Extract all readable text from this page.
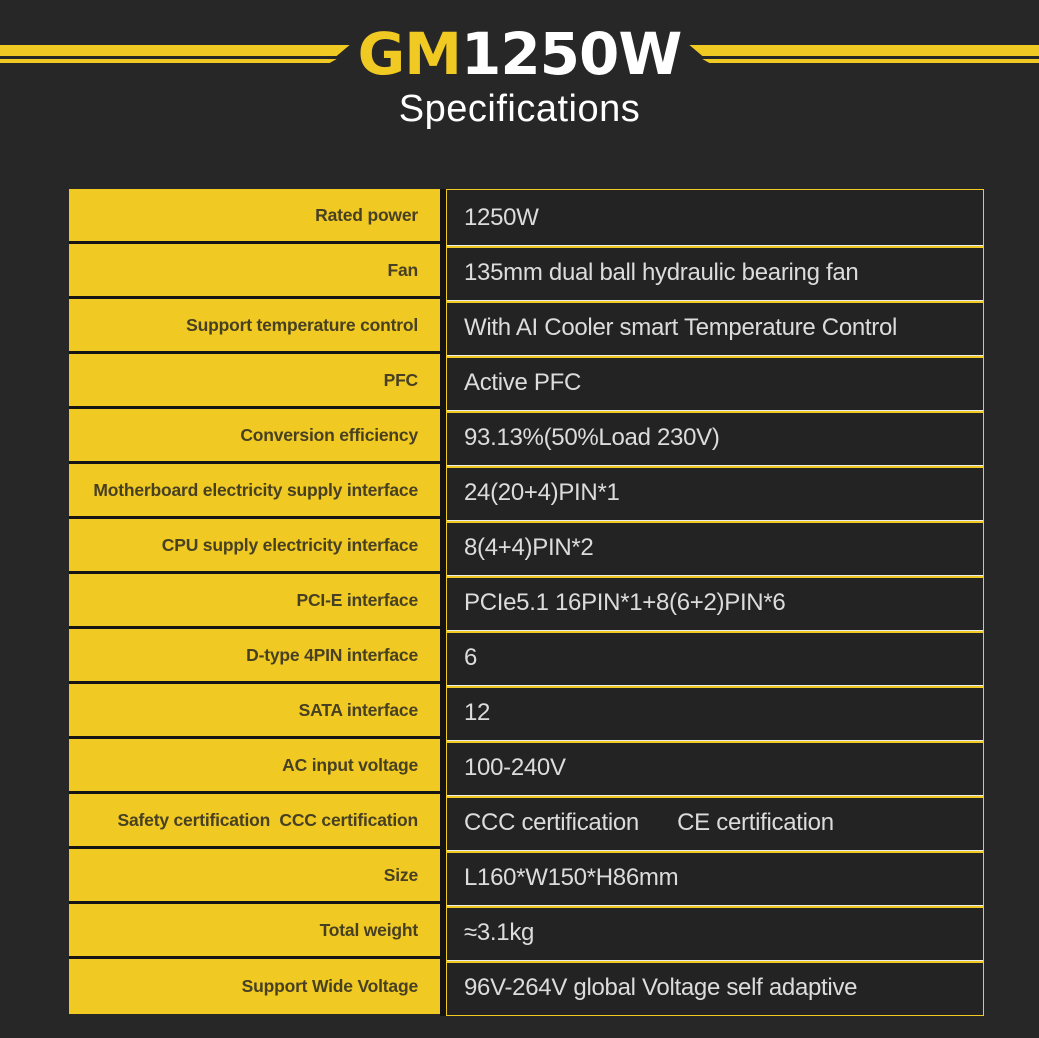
GM1250W
Specifications
Rated power
Fan
Support temperature control
PFC
Conversion efficiency
Motherboard electricity supply interface
CPU supply electricity interface
PCI-E interface
D-type 4PIN interface
SATA interface
AC input voltage
Safety certification  CCC certification
Size
Total weight
Support Wide Voltage
1250W
135mm dual ball hydraulic bearing fan
With AI Cooler smart Temperature Control
Active PFC
93.13%(50%Load 230V)
24(20+4)PIN*1
8(4+4)PIN*2
PCIe5.1 16PIN*1+8(6+2)PIN*6
6
12
100-240V
CCC certification      CE certification
L160*W150*H86mm
≈3.1kg
96V-264V global Voltage self adaptive
